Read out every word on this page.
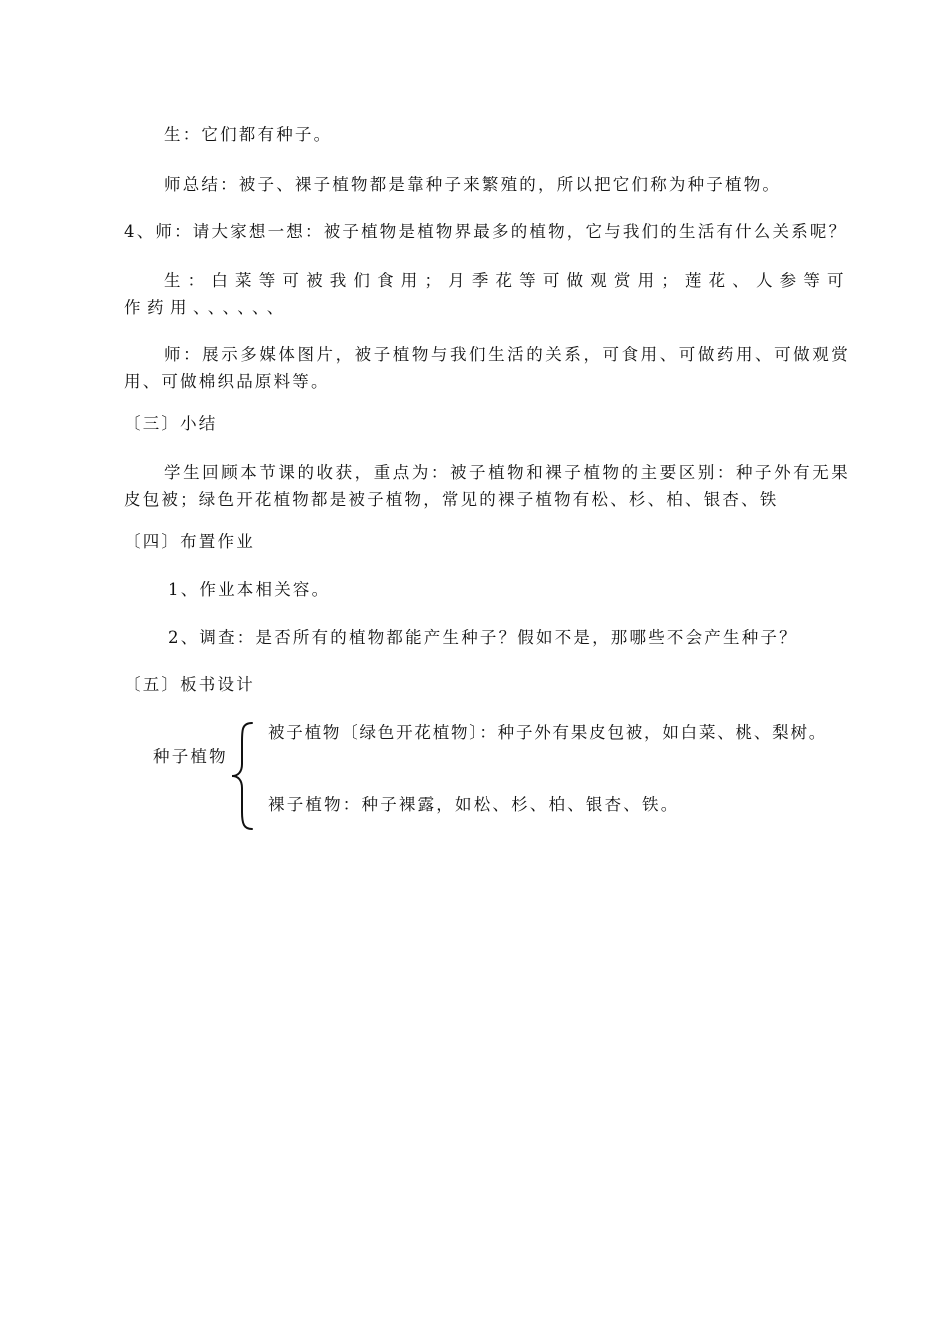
生：它们都有种子。
师总结：被子、裸子植物都是靠种子来繁殖的，所以把它们称为种子植物。
4、师：请大家想一想：被子植物是植物界最多的植物，它与我们的生活有什么关系呢？
生：白菜等可被我们食用；月季花等可做观赏用；莲花、人参等可作药用、、、、、、
师：展示多媒体图片，被子植物与我们生活的关系，可食用、可做药用、可做观赏用、可做棉织品原料等。
〔三〕小结
学生回顾本节课的收获，重点为：被子植物和裸子植物的主要区别：种子外有无果皮包被；绿色开花植物都是被子植物，常见的裸子植物有松、杉、柏、银杏、铁
〔四〕布置作业
1、作业本相关容。
2、调查：是否所有的植物都能产生种子？假如不是，那哪些不会产生种子？
〔五〕板书设计
种子植物
被子植物〔绿色开花植物〕：种子外有果皮包被，如白菜、桃、梨树。
裸子植物：种子裸露，如松、杉、柏、银杏、铁。
